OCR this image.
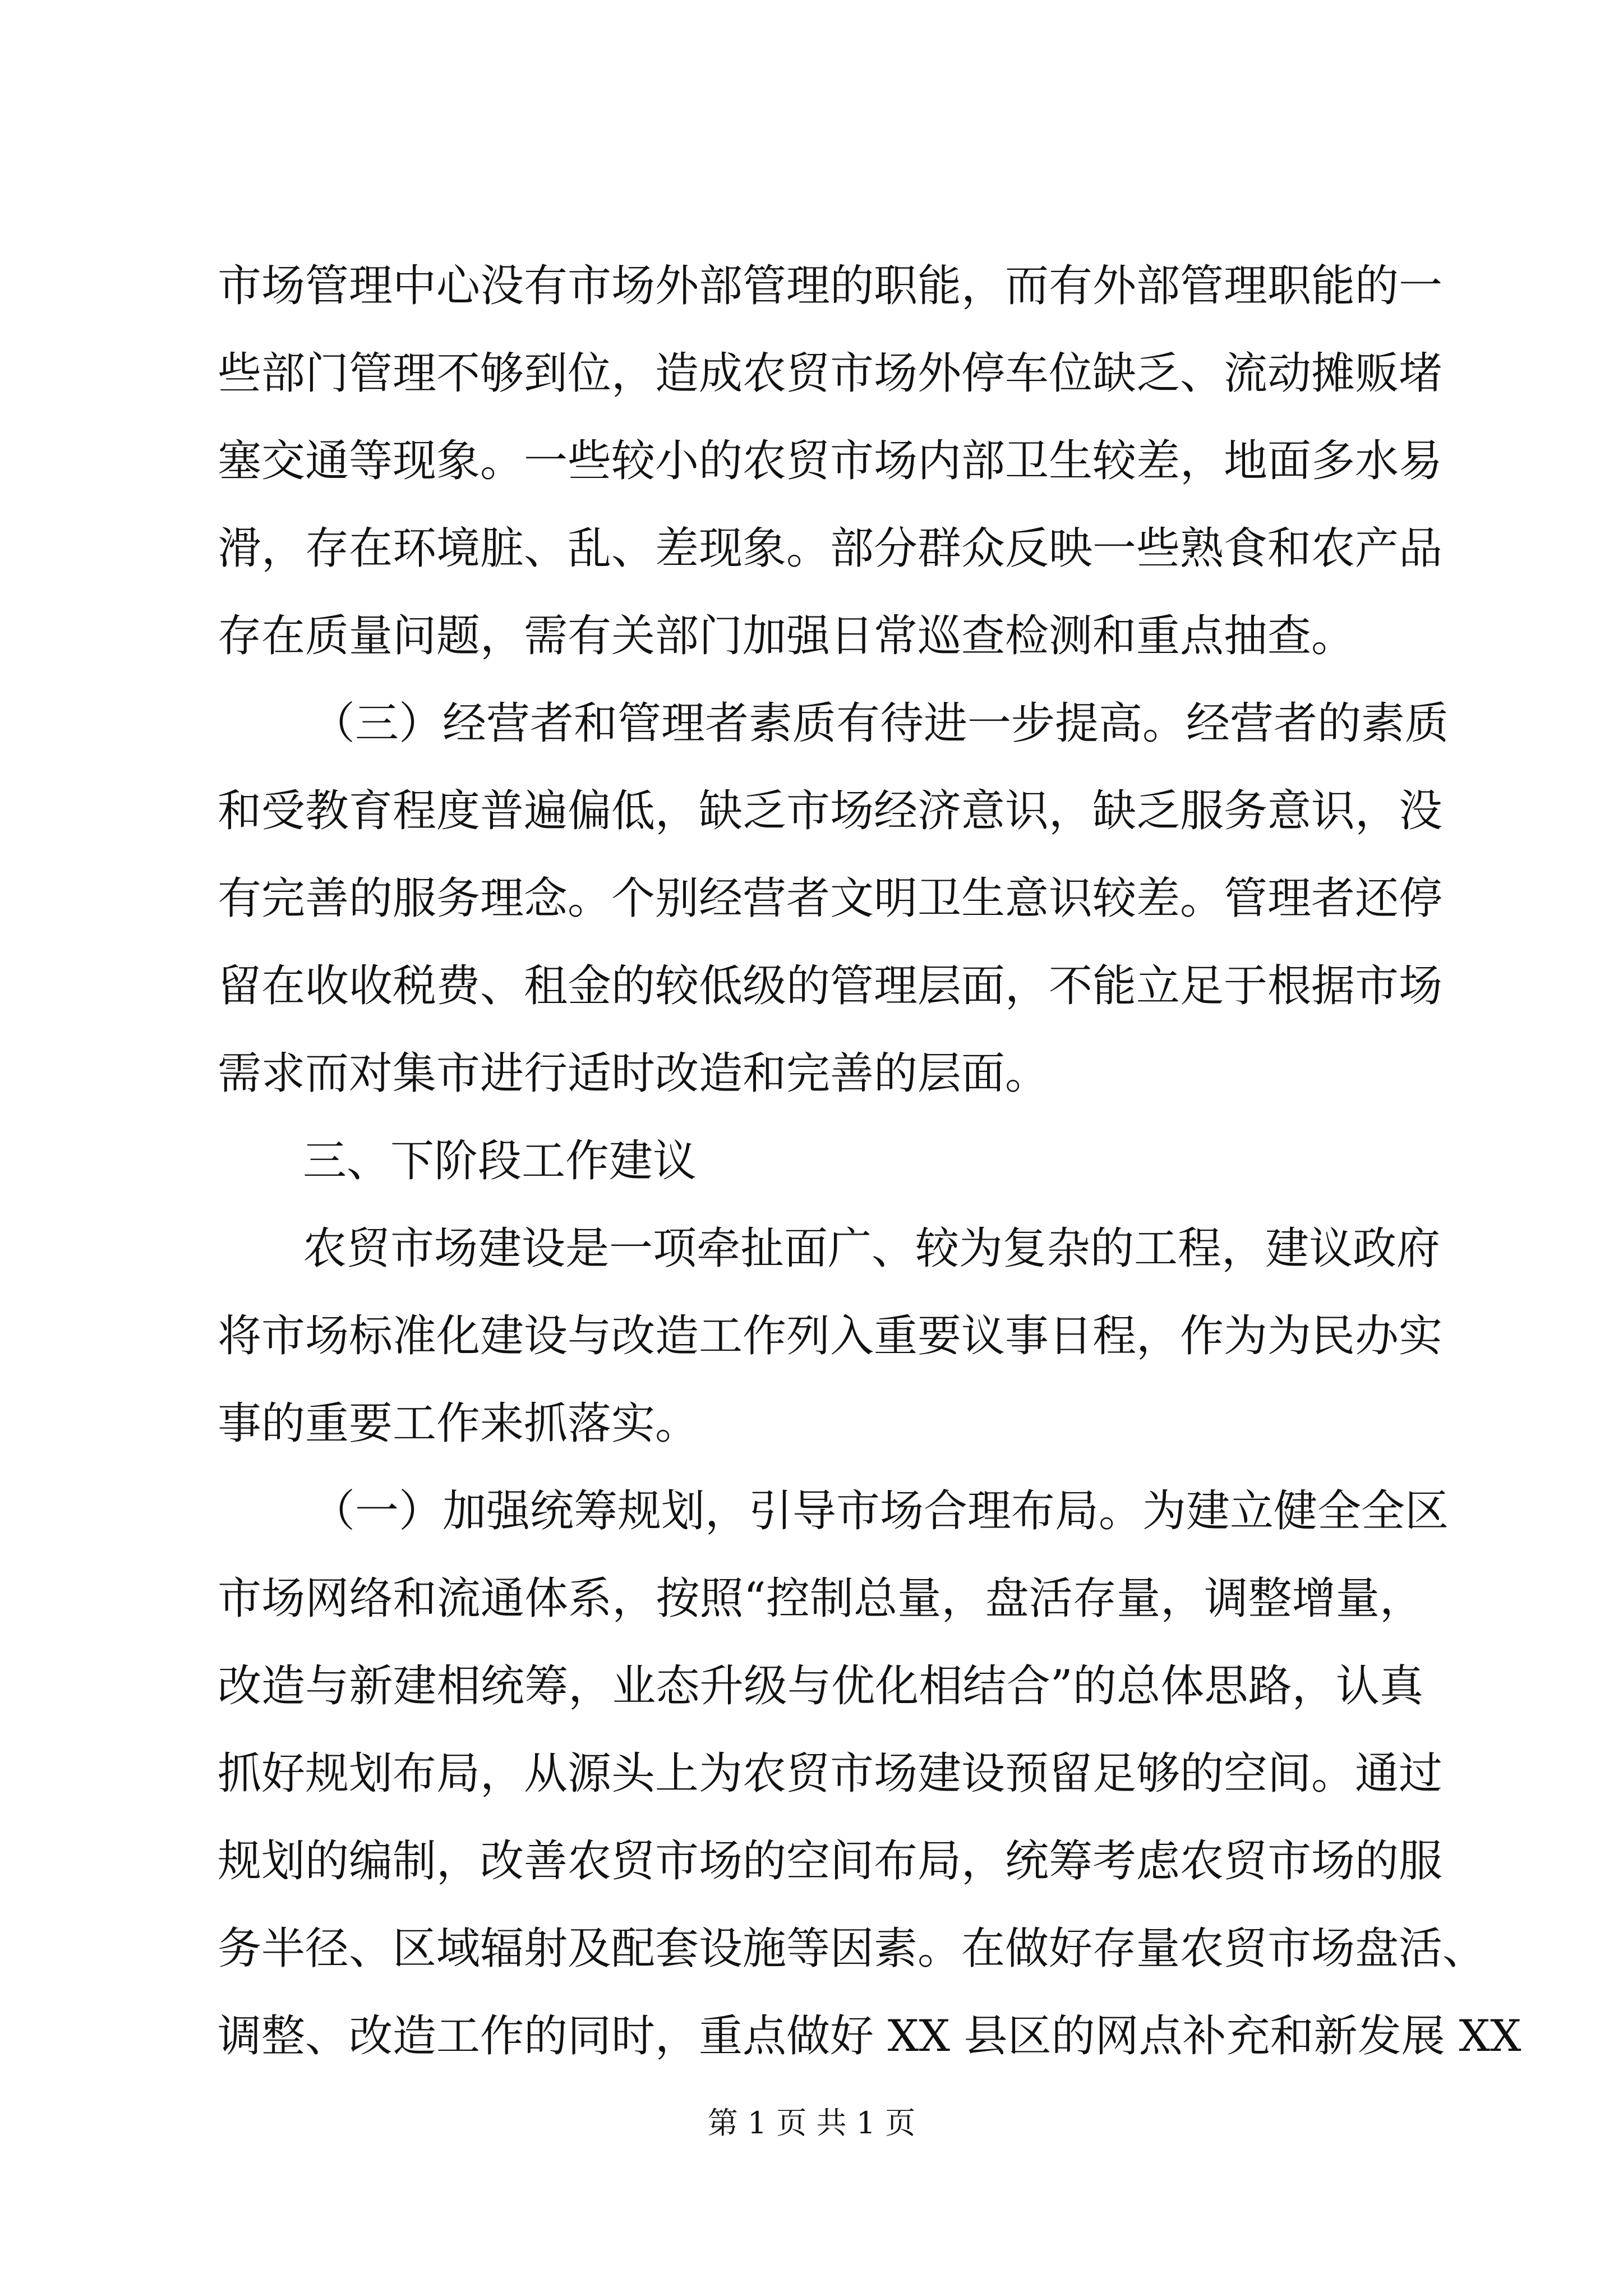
市场管理中心没有市场外部管理的职能，而有外部管理职能的一
些部门管理不够到位，造成农贸市场外停车位缺乏、流动摊贩堵
塞交通等现象。一些较小的农贸市场内部卫生较差，地面多水易
滑，存在环境脏、乱、差现象。部分群众反映一些熟食和农产品
存在质量问题，需有关部门加强日常巡查检测和重点抽查。
（三）经营者和管理者素质有待进一步提高。经营者的素质
和受教育程度普遍偏低，缺乏市场经济意识，缺乏服务意识，没
有完善的服务理念。个别经营者文明卫生意识较差。管理者还停
留在收收税费、租金的较低级的管理层面，不能立足于根据市场
需求而对集市进行适时改造和完善的层面。
三、下阶段工作建议
农贸市场建设是一项牵扯面广、较为复杂的工程，建议政府
将市场标准化建设与改造工作列入重要议事日程，作为为民办实
事的重要工作来抓落实。
（一）加强统筹规划，引导市场合理布局。为建立健全全区
市场网络和流通体系，按照“控制总量，盘活存量，调整增量，
改造与新建相统筹，业态升级与优化相结合”的总体思路，认真
抓好规划布局，从源头上为农贸市场建设预留足够的空间。通过
规划的编制，改善农贸市场的空间布局，统筹考虑农贸市场的服
务半径、区域辐射及配套设施等因素。在做好存量农贸市场盘活、
调整、改造工作的同时，重点做好 XX 县区的网点补充和新发展 XX
第 1 页 共 1 页
